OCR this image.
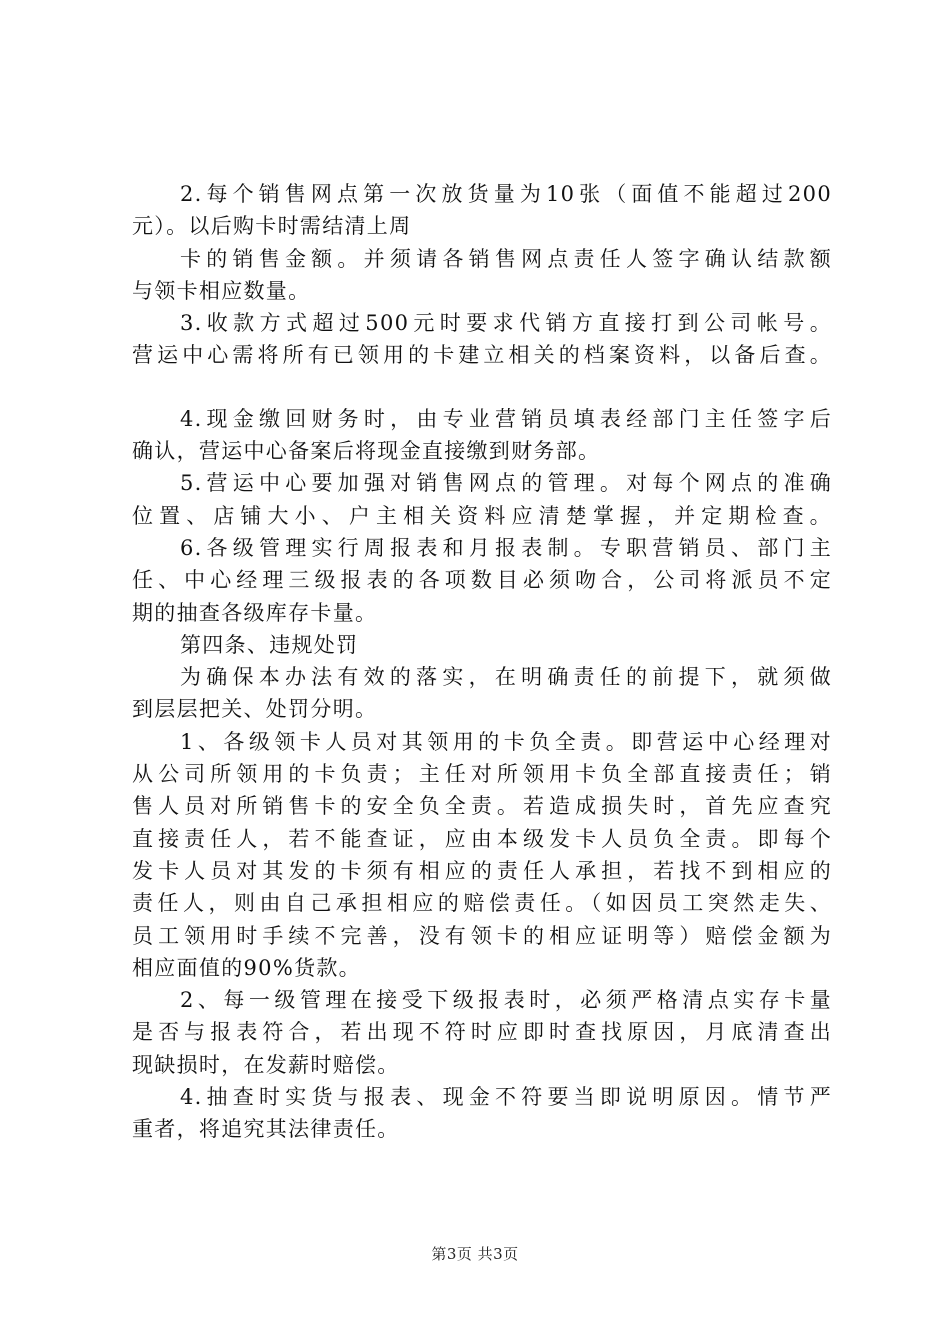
2.每个销售网点第一次放货量为10张（面值不能超过200
元）。以后购卡时需结清上周
卡的销售金额。并须请各销售网点责任人签字确认结款额
与领卡相应数量。
3.收款方式超过500元时要求代销方直接打到公司帐号。
营运中心需将所有已领用的卡建立相关的档案资料，以备后查。
4.现金缴回财务时，由专业营销员填表经部门主任签字后
确认，营运中心备案后将现金直接缴到财务部。
5.营运中心要加强对销售网点的管理。对每个网点的准确
位置、店铺大小、户主相关资料应清楚掌握，并定期检查。
6.各级管理实行周报表和月报表制。专职营销员、部门主
任、中心经理三级报表的各项数目必须吻合，公司将派员不定
期的抽查各级库存卡量。
第四条、违规处罚
为确保本办法有效的落实，在明确责任的前提下，就须做
到层层把关、处罚分明。
1、各级领卡人员对其领用的卡负全责。即营运中心经理对
从公司所领用的卡负责；主任对所领用卡负全部直接责任；销
售人员对所销售卡的安全负全责。若造成损失时，首先应查究
直接责任人，若不能查证，应由本级发卡人员负全责。即每个
发卡人员对其发的卡须有相应的责任人承担，若找不到相应的
责任人，则由自己承担相应的赔偿责任。（如因员工突然走失、
员工领用时手续不完善，没有领卡的相应证明等）赔偿金额为
相应面值的90%货款。
2、每一级管理在接受下级报表时，必须严格清点实存卡量
是否与报表符合，若出现不符时应即时查找原因，月底清查出
现缺损时，在发薪时赔偿。
4.抽查时实货与报表、现金不符要当即说明原因。情节严
重者，将追究其法律责任。
第3页 共3页
